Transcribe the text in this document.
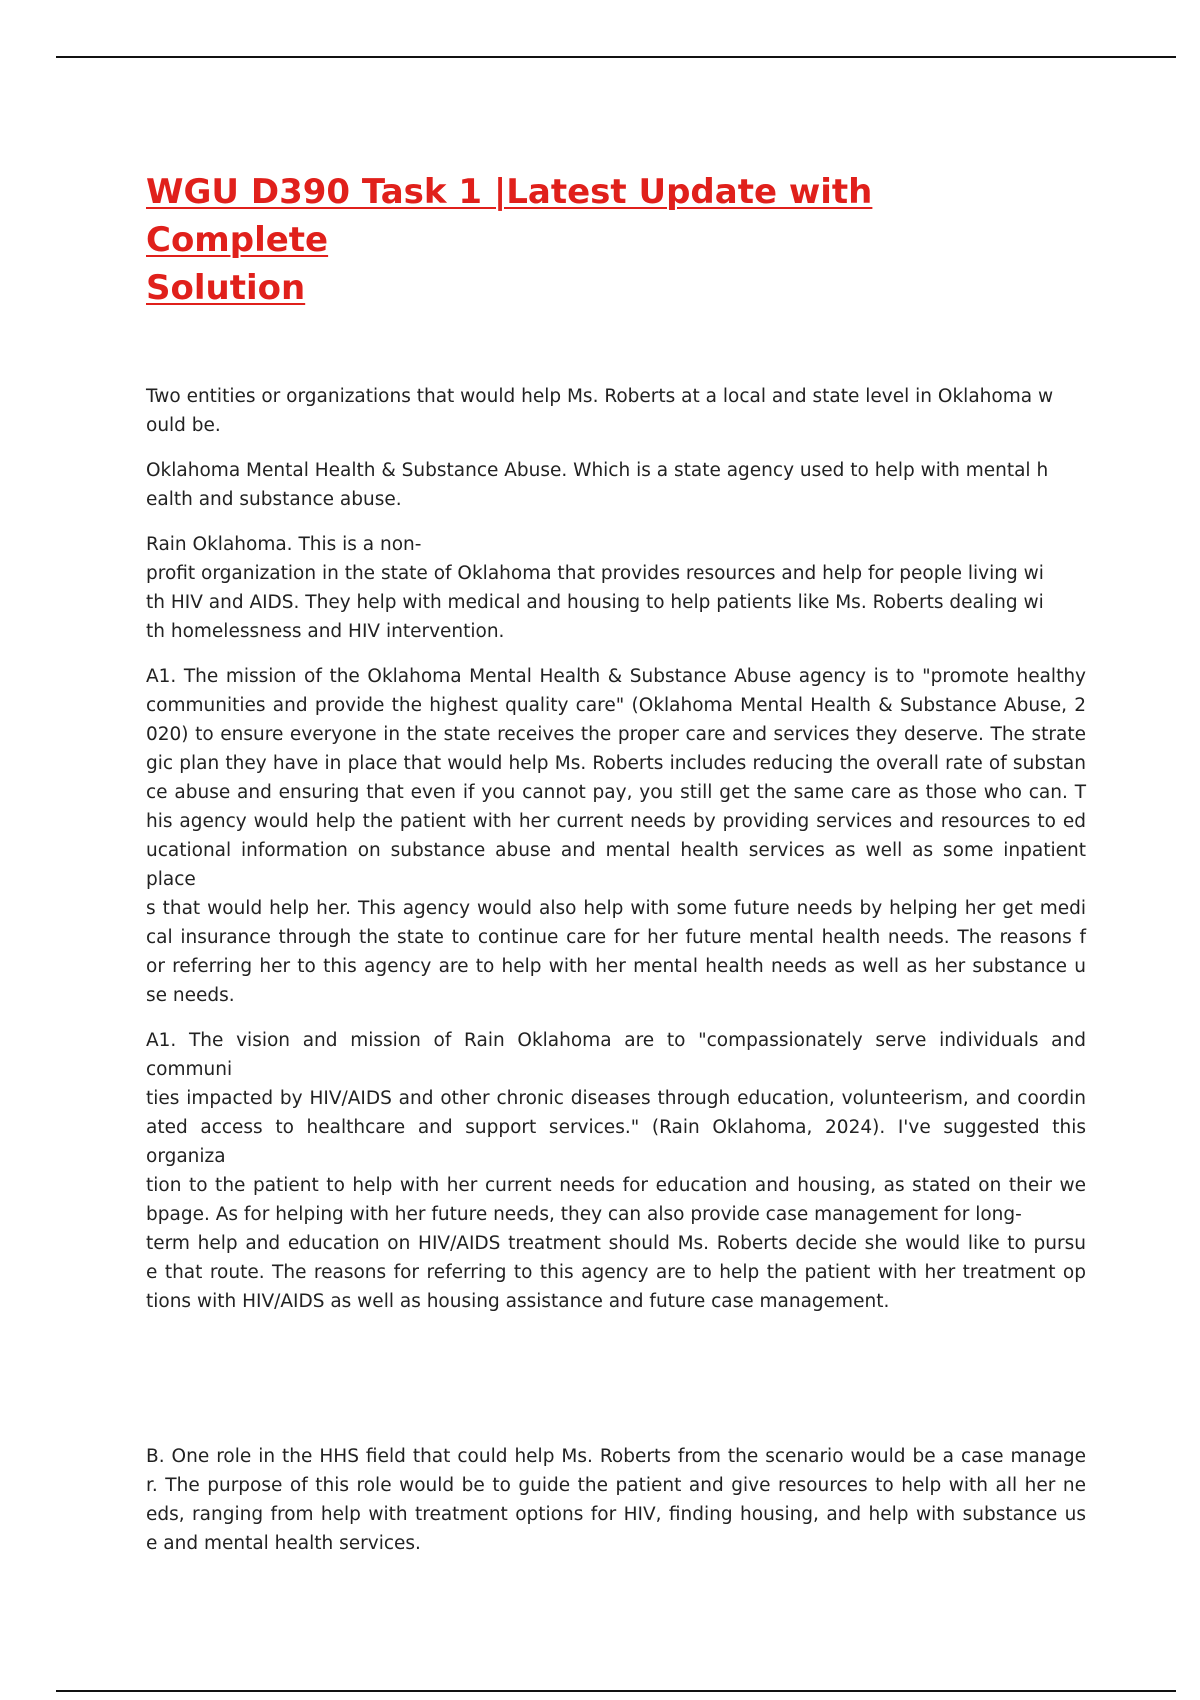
WGU D390 Task 1 |Latest Update with Complete
Solution

Two entities or organizations that would help Ms. Roberts at a local and state level in Oklahoma w
ould be.

Oklahoma Mental Health & Substance Abuse. Which is a state agency used to help with mental h
ealth and substance abuse.

Rain Oklahoma. This is a non-
profit organization in the state of Oklahoma that provides resources and help for people living wi
th HIV and AIDS. They help with medical and housing to help patients like Ms. Roberts dealing wi
th homelessness and HIV intervention.

A1. The mission of the Oklahoma Mental Health & Substance Abuse agency is to "promote healthy
communities and provide the highest quality care" (Oklahoma Mental Health & Substance Abuse, 2
020) to ensure everyone in the state receives the proper care and services they deserve. The strate
gic plan they have in place that would help Ms. Roberts includes reducing the overall rate of substan
ce abuse and ensuring that even if you cannot pay, you still get the same care as those who can. T
his agency would help the patient with her current needs by providing services and resources to ed
ucational information on substance abuse and mental health services as well as some inpatient place
s that would help her. This agency would also help with some future needs by helping her get medi
cal insurance through the state to continue care for her future mental health needs. The reasons f
or referring her to this agency are to help with her mental health needs as well as her substance u
se needs.

A1. The vision and mission of Rain Oklahoma are to "compassionately serve individuals and communi
ties impacted by HIV/AIDS and other chronic diseases through education, volunteerism, and coordin
ated access to healthcare and support services." (Rain Oklahoma, 2024). I've suggested this organiza
tion to the patient to help with her current needs for education and housing, as stated on their we
bpage. As for helping with her future needs, they can also provide case management for long-
term help and education on HIV/AIDS treatment should Ms. Roberts decide she would like to pursu
e that route. The reasons for referring to this agency are to help the patient with her treatment op
tions with HIV/AIDS as well as housing assistance and future case management.

B. One role in the HHS field that could help Ms. Roberts from the scenario would be a case manage
r. The purpose of this role would be to guide the patient and give resources to help with all her ne
eds, ranging from help with treatment options for HIV, finding housing, and help with substance us
e and mental health services.
